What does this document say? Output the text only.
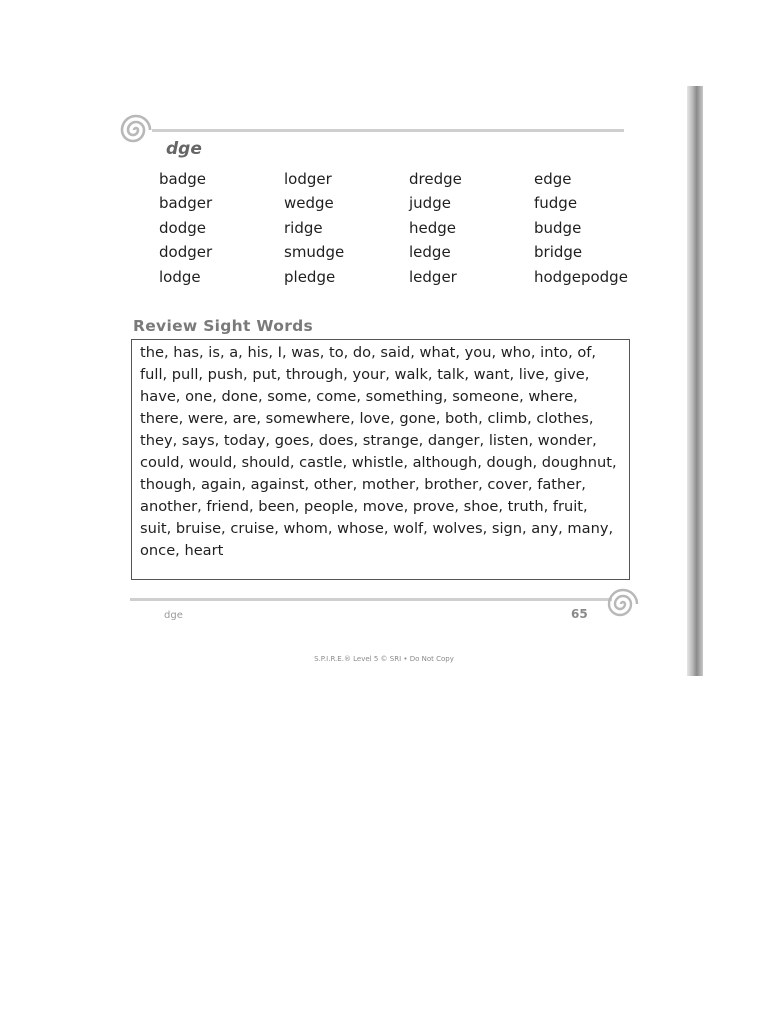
dge
badge	lodger	dredge	edge
badger	wedge	judge	fudge
dodge	ridge	hedge	budge
dodger	smudge	ledge	bridge
lodge	pledge	ledger	hodgepodge
Review Sight Words

the, has, is, a, his, I, was, to, do, said, what, you, who, into, of, full, pull, push, put, through, your, walk, talk, want, live, give, have, one, done, some, come, something, someone, where, there, were, are, somewhere, love, gone, both, climb, clothes, they, says, today, goes, does, strange, danger, listen, wonder, could, would, should, castle, whistle, although, dough, doughnut, though, again, against, other, mother, brother, cover, father, another, friend, been, people, move, prove, shoe, truth, fruit, suit, bruise, cruise, whom, whose, wolf, wolves, sign, any, many, once, heart

dge	65
S.P.I.R.E.® Level 5 © SRI • Do Not Copy
